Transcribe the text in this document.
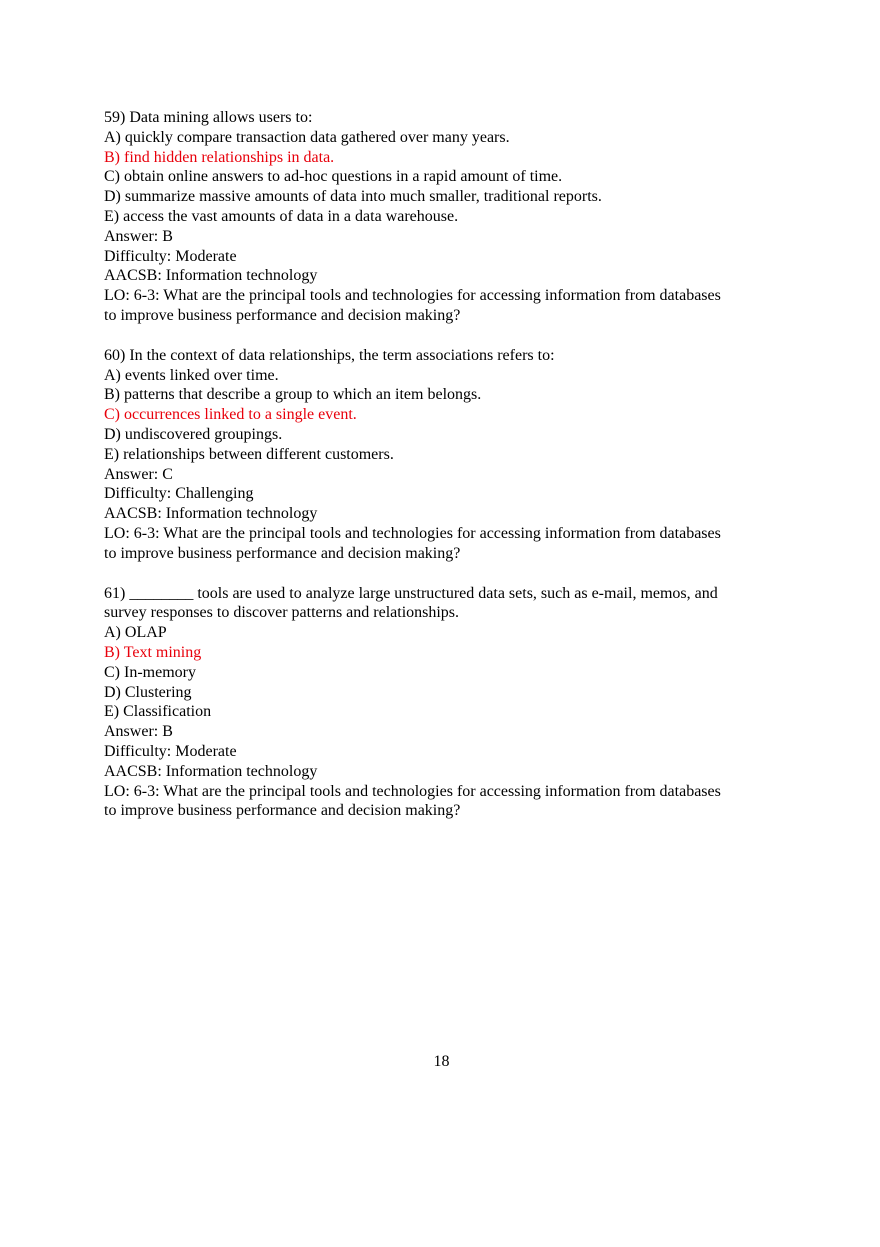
59) Data mining allows users to:
A) quickly compare transaction data gathered over many years.
B) find hidden relationships in data.
C) obtain online answers to ad-hoc questions in a rapid amount of time.
D) summarize massive amounts of data into much smaller, traditional reports.
E) access the vast amounts of data in a data warehouse.
Answer: B
Difficulty: Moderate
AACSB: Information technology
LO: 6-3: What are the principal tools and technologies for accessing information from databases
to improve business performance and decision making?
60) In the context of data relationships, the term associations refers to:
A) events linked over time.
B) patterns that describe a group to which an item belongs.
C) occurrences linked to a single event.
D) undiscovered groupings.
E) relationships between different customers.
Answer: C
Difficulty: Challenging
AACSB: Information technology
LO: 6-3: What are the principal tools and technologies for accessing information from databases
to improve business performance and decision making?
61) ________ tools are used to analyze large unstructured data sets, such as e-mail, memos, and
survey responses to discover patterns and relationships.
A) OLAP
B) Text mining
C) In-memory
D) Clustering
E) Classification
Answer: B
Difficulty: Moderate
AACSB: Information technology
LO: 6-3: What are the principal tools and technologies for accessing information from databases
to improve business performance and decision making?
18
